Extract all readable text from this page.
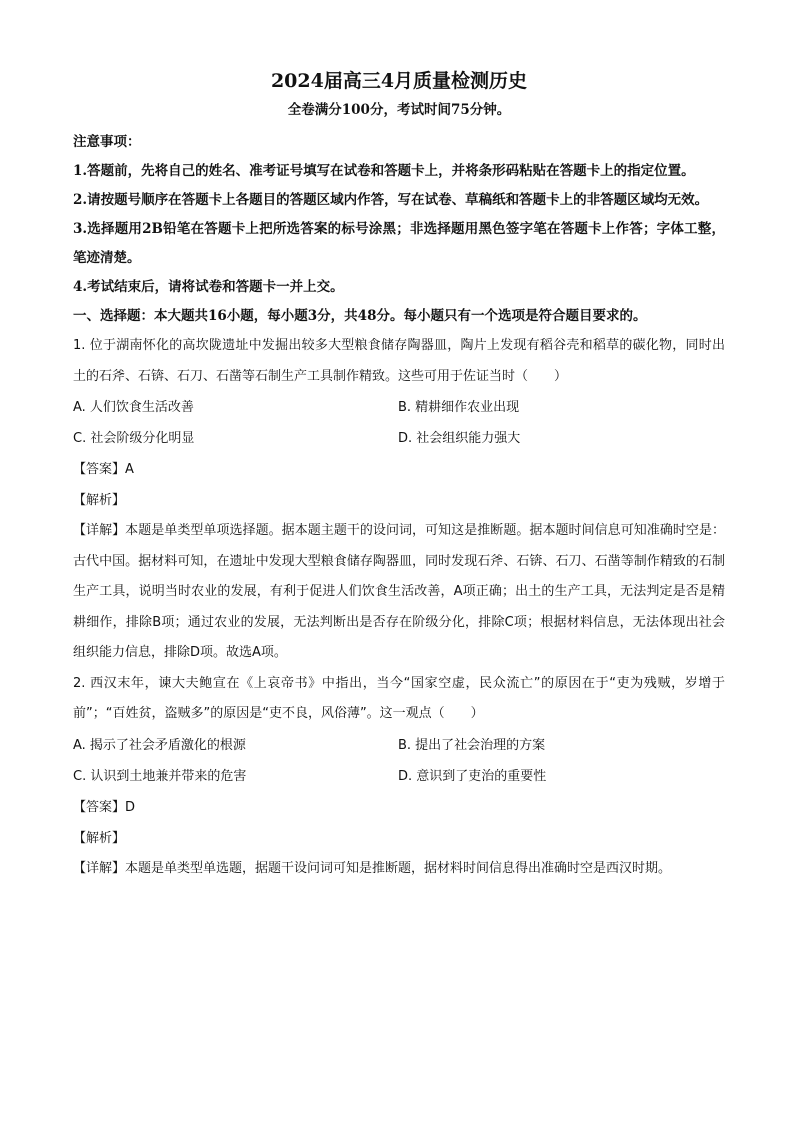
2024届高三4月质量检测历史

全卷满分100分，考试时间75分钟。

注意事项：

1.答题前，先将自己的姓名、准考证号填写在试卷和答题卡上，并将条形码粘贴在答题卡上的指定位置。

2.请按题号顺序在答题卡上各题目的答题区域内作答，写在试卷、草稿纸和答题卡上的非答题区域均无效。

3.选择题用2B铅笔在答题卡上把所选答案的标号涂黑；非选择题用黑色签字笔在答题卡上作答；字体工整，笔迹清楚。

4.考试结束后，请将试卷和答题卡一并上交。

一、选择题：本大题共16小题，每小题3分，共48分。每小题只有一个选项是符合题目要求的。

1. 位于湖南怀化的高坎陇遗址中发掘出较多大型粮食储存陶器皿，陶片上发现有稻谷壳和稻草的碳化物，同时出土的石斧、石锛、石刀、石凿等石制生产工具制作精致。这些可用于佐证当时（　　）

A. 人们饮食生活改善	B. 精耕细作农业出现
C. 社会阶级分化明显	D. 社会组织能力强大

【答案】A

【解析】

【详解】本题是单类型单项选择题。据本题主题干的设问词，可知这是推断题。据本题时间信息可知准确时空是：古代中国。据材料可知，在遗址中发现大型粮食储存陶器皿，同时发现石斧、石锛、石刀、石凿等制作精致的石制生产工具，说明当时农业的发展，有利于促进人们饮食生活改善，A项正确；出土的生产工具，无法判定是否是精耕细作，排除B项；通过农业的发展，无法判断出是否存在阶级分化，排除C项；根据材料信息，无法体现出社会组织能力信息，排除D项。故选A项。

2. 西汉末年，谏大夫鲍宣在《上哀帝书》中指出，当今“国家空虚，民众流亡”的原因在于“吏为残贼，岁增于前”；“百姓贫，盗贼多”的原因是“吏不良，风俗薄”。这一观点（　　）

A. 揭示了社会矛盾激化的根源	B. 提出了社会治理的方案
C. 认识到土地兼并带来的危害	D. 意识到了吏治的重要性

【答案】D

【解析】

【详解】本题是单类型单选题，据题干设问词可知是推断题，据材料时间信息得出准确时空是西汉时期。
